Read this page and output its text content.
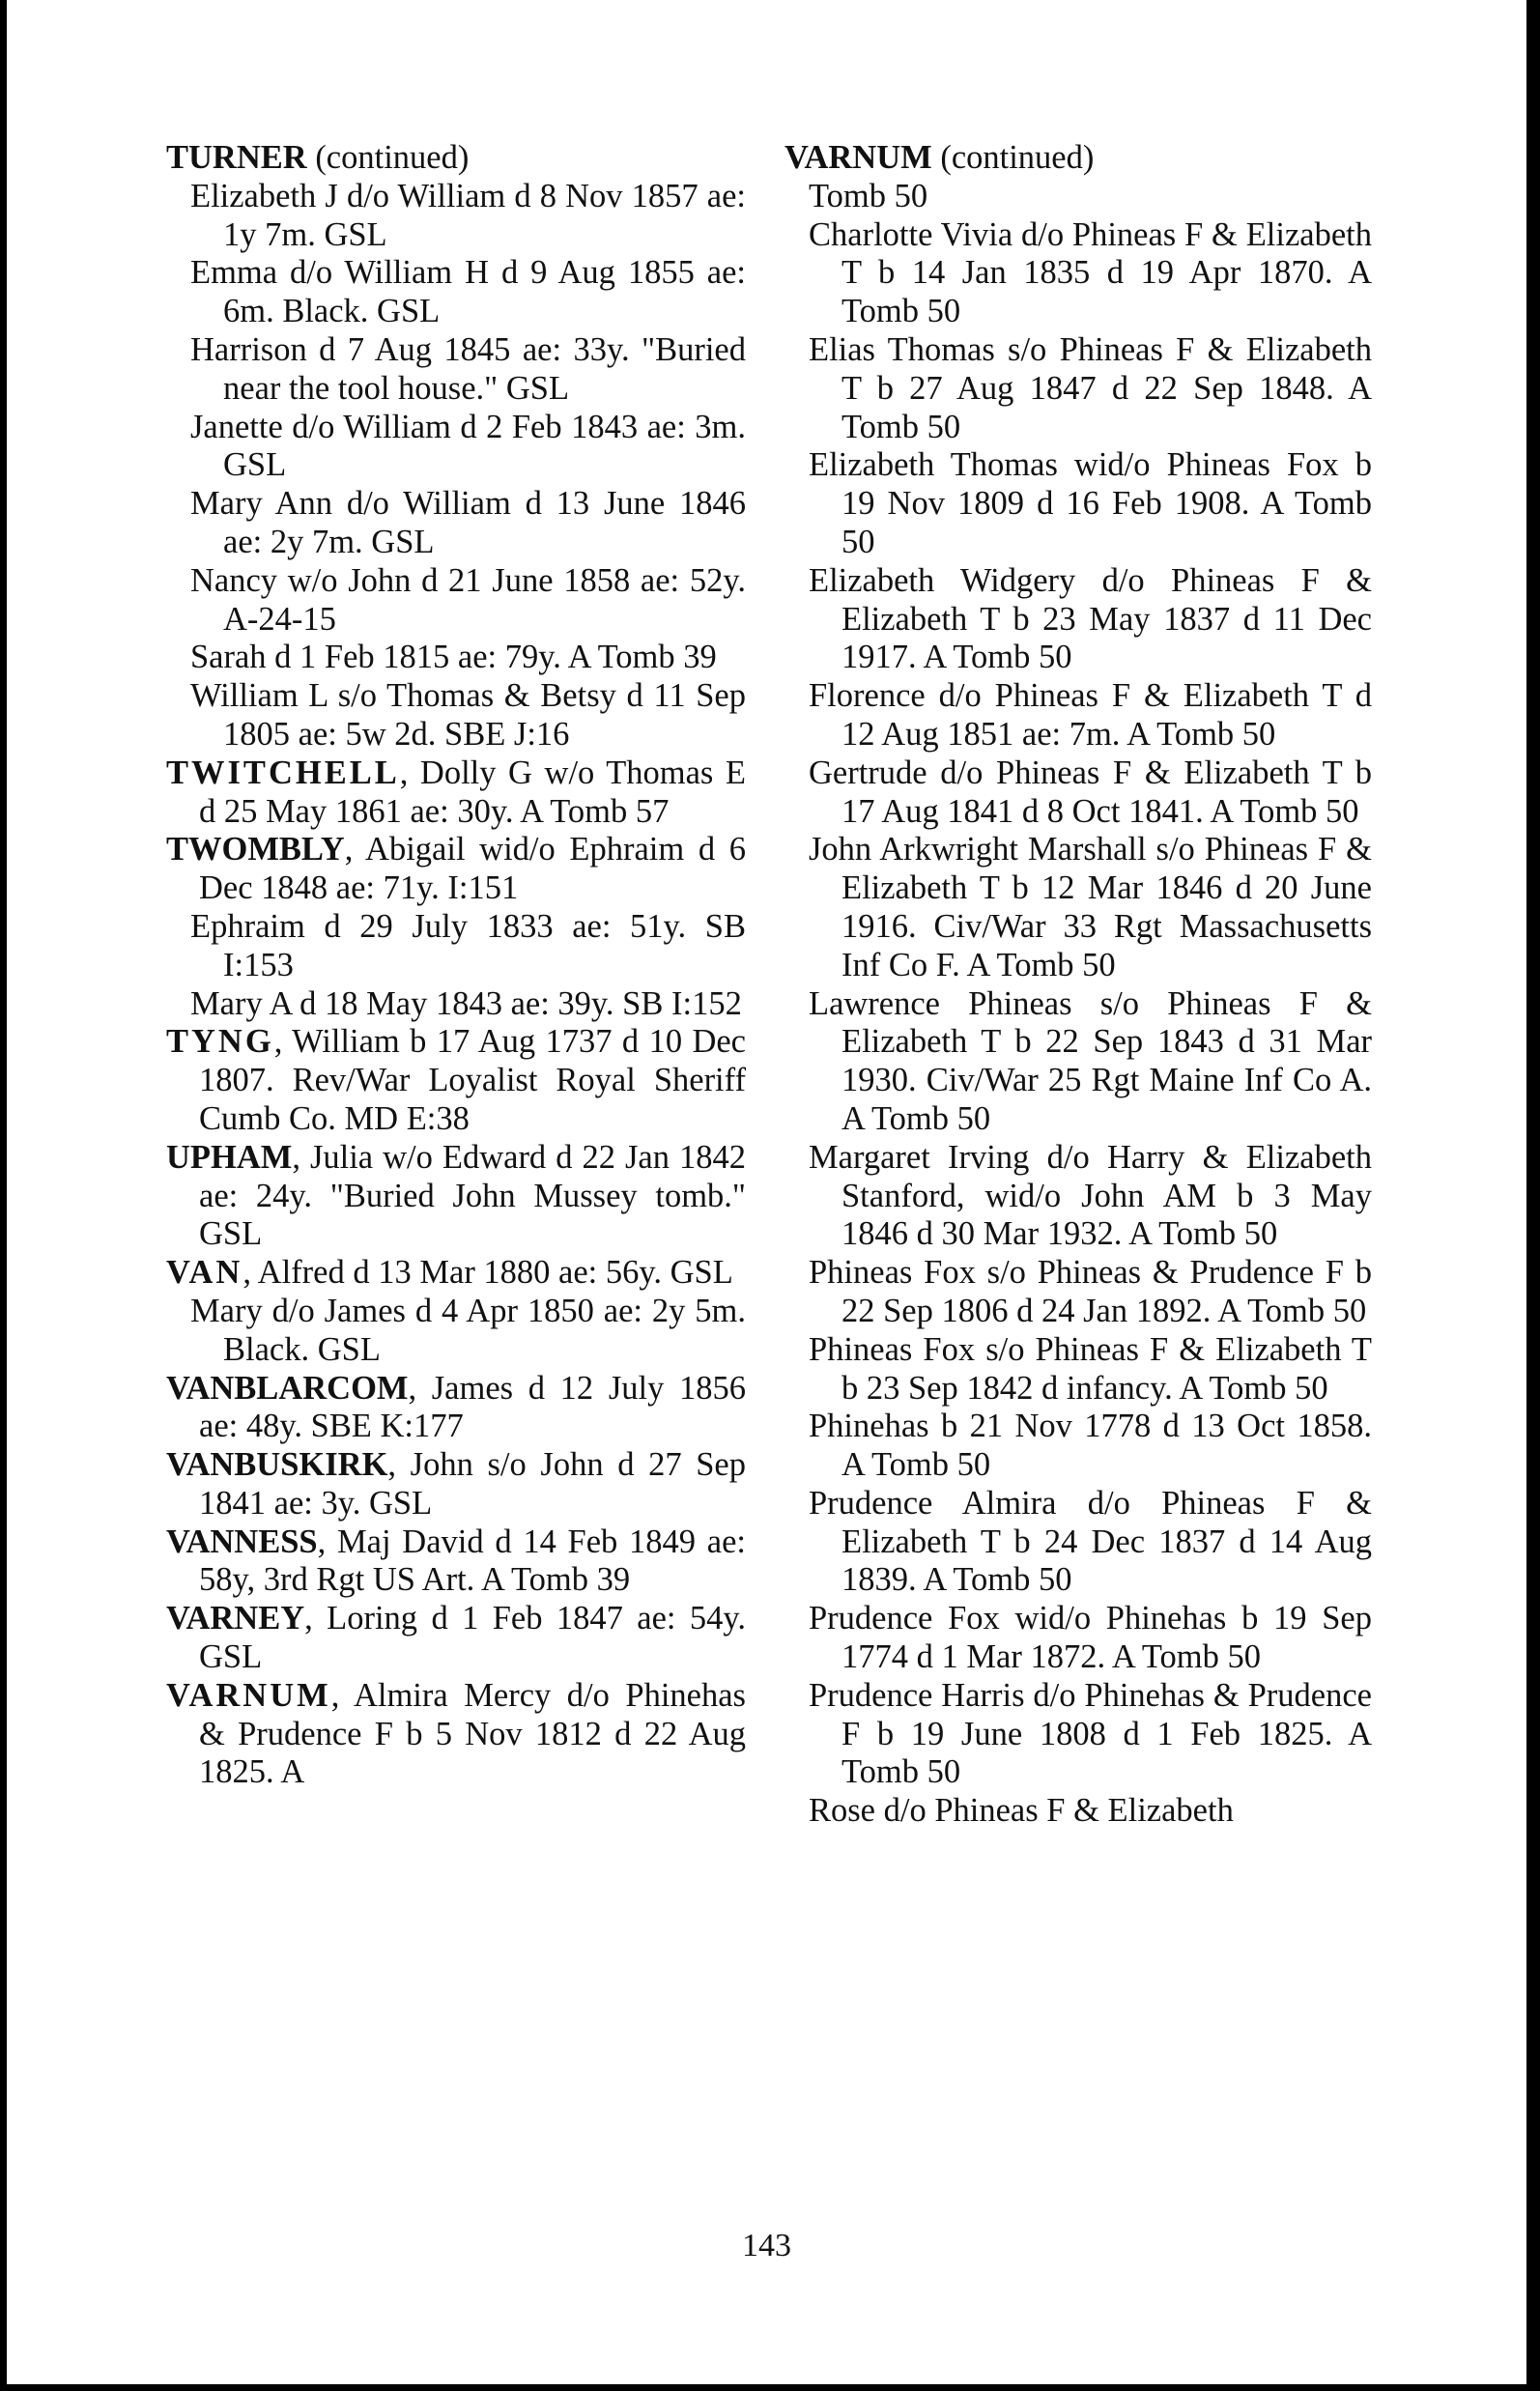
TURNER (continued)
Elizabeth J d/o William d 8 Nov 1857 ae: 1y 7m. GSL
Emma d/o William H d 9 Aug 1855 ae: 6m. Black. GSL
Harrison d 7 Aug 1845 ae: 33y. "Buried near the tool house." GSL
Janette d/o William d 2 Feb 1843 ae: 3m. GSL
Mary Ann d/o William d 13 June 1846 ae: 2y 7m. GSL
Nancy w/o John d 21 June 1858 ae: 52y. A-24-15
Sarah d 1 Feb 1815 ae: 79y. A Tomb 39
William L s/o Thomas & Betsy d 11 Sep 1805 ae: 5w 2d. SBE J:16
TWITCHELL, Dolly G w/o Thomas E d 25 May 1861 ae: 30y. A Tomb 57
TWOMBLY, Abigail wid/o Ephraim d 6 Dec 1848 ae: 71y. I:151
Ephraim d 29 July 1833 ae: 51y. SB I:153
Mary A d 18 May 1843 ae: 39y. SB I:152
TYNG, William b 17 Aug 1737 d 10 Dec 1807. Rev/War Loyalist Royal Sheriff Cumb Co. MD E:38
UPHAM, Julia w/o Edward d 22 Jan 1842 ae: 24y. "Buried John Mussey tomb." GSL
VAN, Alfred d 13 Mar 1880 ae: 56y. GSL
Mary d/o James d 4 Apr 1850 ae: 2y 5m. Black. GSL
VANBLARCOM, James d 12 July 1856 ae: 48y. SBE K:177
VANBUSKIRK, John s/o John d 27 Sep 1841 ae: 3y. GSL
VANNESS, Maj David d 14 Feb 1849 ae: 58y, 3rd Rgt US Art. A Tomb 39
VARNEY, Loring d 1 Feb 1847 ae: 54y. GSL
VARNUM, Almira Mercy d/o Phinehas & Prudence F b 5 Nov 1812 d 22 Aug 1825. A
VARNUM (continued)
Tomb 50
Charlotte Vivia d/o Phineas F & Elizabeth T b 14 Jan 1835 d 19 Apr 1870. A Tomb 50
Elias Thomas s/o Phineas F & Elizabeth T b 27 Aug 1847 d 22 Sep 1848. A Tomb 50
Elizabeth Thomas wid/o Phineas Fox b 19 Nov 1809 d 16 Feb 1908. A Tomb 50
Elizabeth Widgery d/o Phineas F & Elizabeth T b 23 May 1837 d 11 Dec 1917. A Tomb 50
Florence d/o Phineas F & Elizabeth T d 12 Aug 1851 ae: 7m. A Tomb 50
Gertrude d/o Phineas F & Elizabeth T b 17 Aug 1841 d 8 Oct 1841. A Tomb 50
John Arkwright Marshall s/o Phineas F & Elizabeth T b 12 Mar 1846 d 20 June 1916. Civ/War 33 Rgt Massachusetts Inf Co F. A Tomb 50
Lawrence Phineas s/o Phineas F & Elizabeth T b 22 Sep 1843 d 31 Mar 1930. Civ/War 25 Rgt Maine Inf Co A. A Tomb 50
Margaret Irving d/o Harry & Elizabeth Stanford, wid/o John AM b 3 May 1846 d 30 Mar 1932. A Tomb 50
Phineas Fox s/o Phineas & Prudence F b 22 Sep 1806 d 24 Jan 1892. A Tomb 50
Phineas Fox s/o Phineas F & Elizabeth T b 23 Sep 1842 d infancy. A Tomb 50
Phinehas b 21 Nov 1778 d 13 Oct 1858. A Tomb 50
Prudence Almira d/o Phineas F & Elizabeth T b 24 Dec 1837 d 14 Aug 1839. A Tomb 50
Prudence Fox wid/o Phinehas b 19 Sep 1774 d 1 Mar 1872. A Tomb 50
Prudence Harris d/o Phinehas & Prudence F b 19 June 1808 d 1 Feb 1825. A Tomb 50
Rose d/o Phineas F & Elizabeth
143
